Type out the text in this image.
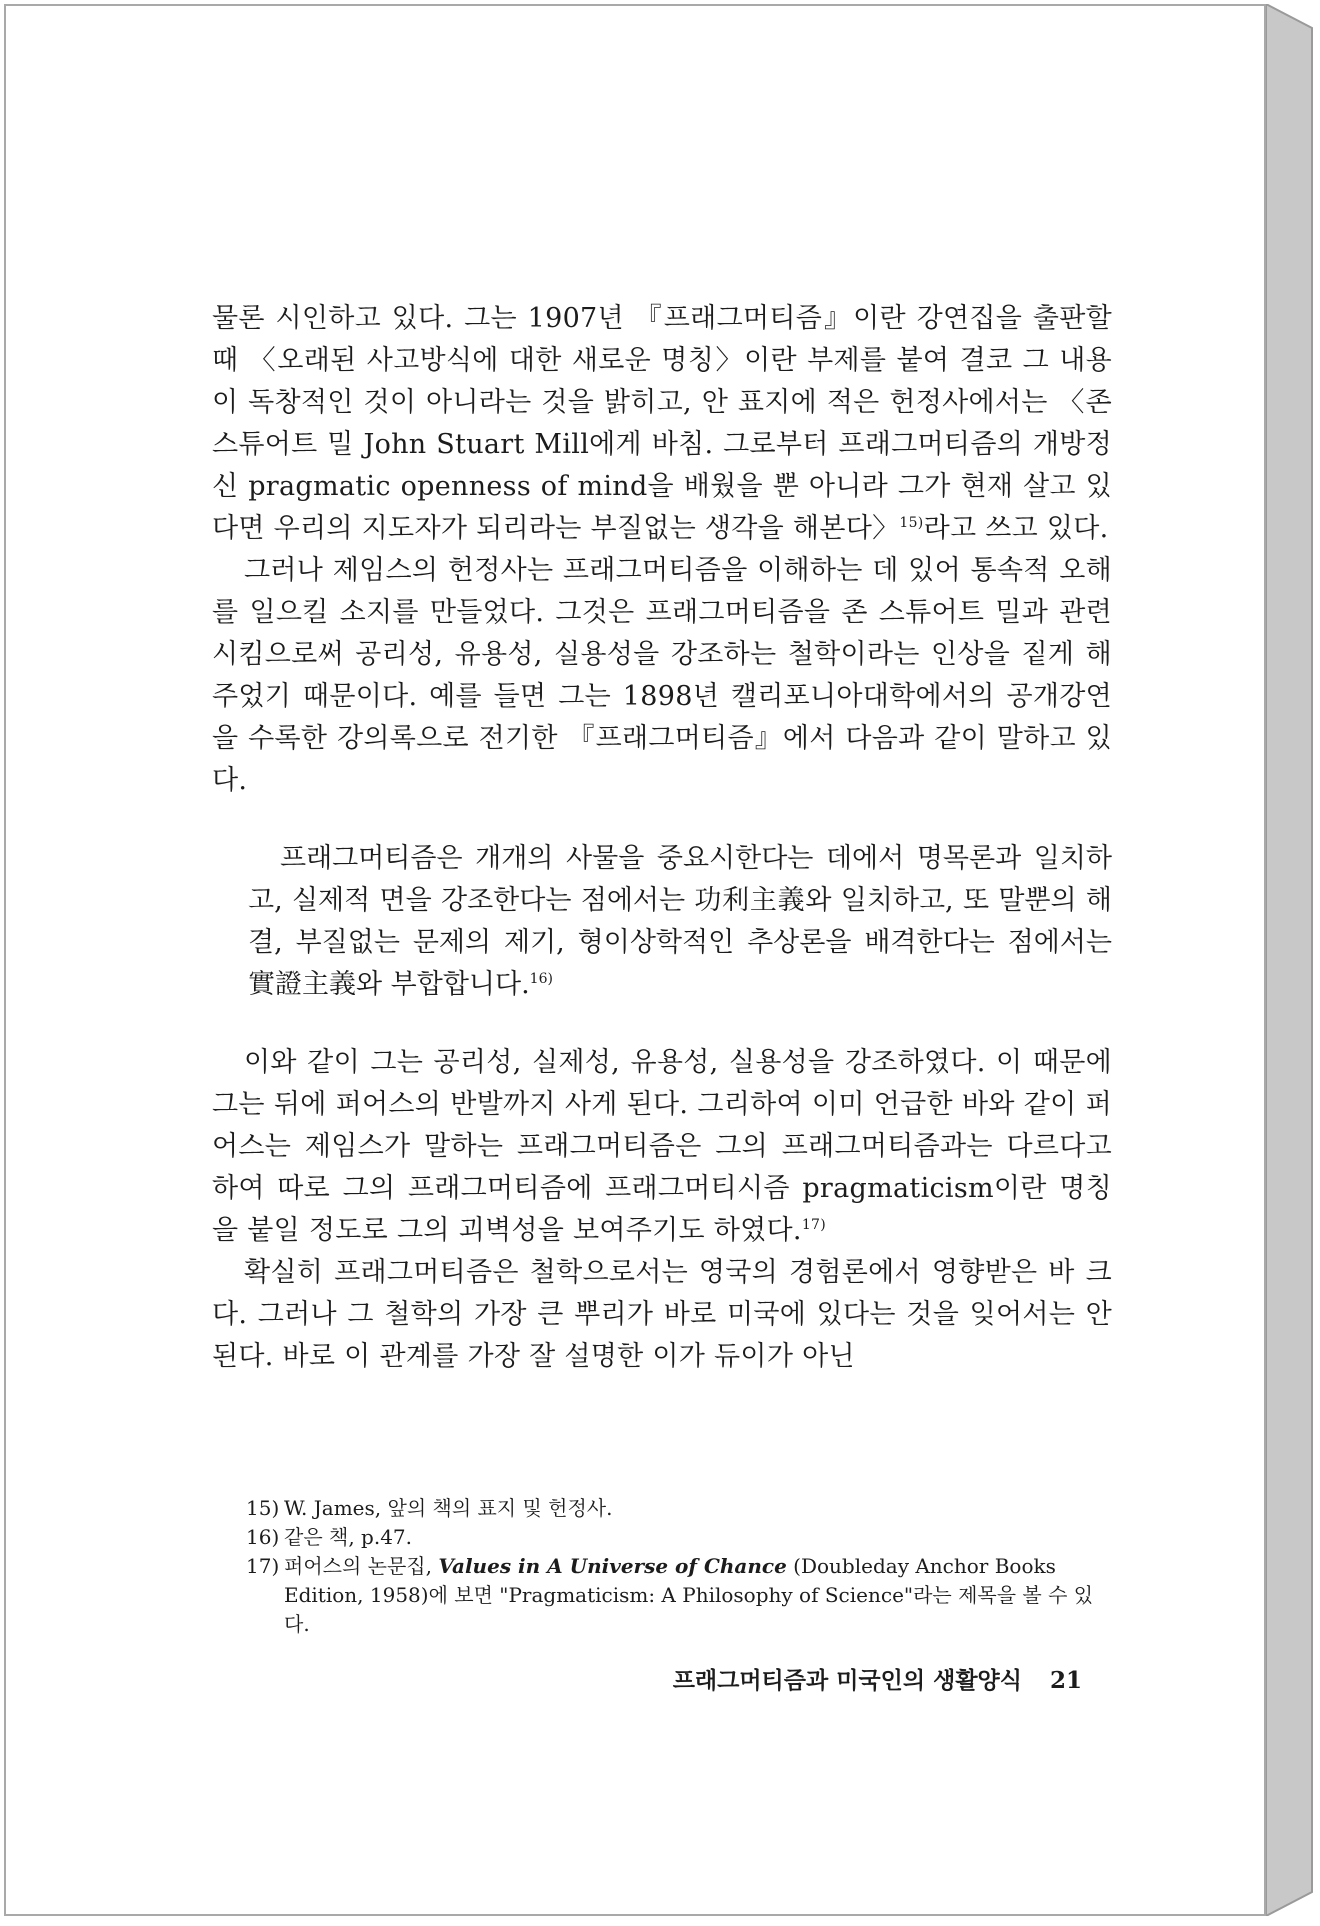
물론 시인하고 있다. 그는 1907년 『프래그머티즘』이란 강연집을 출판할 때 〈오래된 사고방식에 대한 새로운 명칭〉이란 부제를 붙여 결코 그 내용이 독창적인 것이 아니라는 것을 밝히고, 안 표지에 적은 헌정사에서는 〈존 스튜어트 밀 John Stuart Mill에게 바침. 그로부터 프래그머티즘의 개방정신 pragmatic openness of mind을 배웠을 뿐 아니라 그가 현재 살고 있다면 우리의 지도자가 되리라는 부질없는 생각을 해본다〉$^{15)}$라고 쓰고 있다.

그러나 제임스의 헌정사는 프래그머티즘을 이해하는 데 있어 통속적 오해를 일으킬 소지를 만들었다. 그것은 프래그머티즘을 존 스튜어트 밀과 관련시킴으로써 공리성, 유용성, 실용성을 강조하는 철학이라는 인상을 짙게 해주었기 때문이다. 예를 들면 그는 1898년 캘리포니아대학에서의 공개강연을 수록한 강의록으로 전기한 『프래그머티즘』에서 다음과 같이 말하고 있다.

프래그머티즘은 개개의 사물을 중요시한다는 데에서 명목론과 일치하고, 실제적 면을 강조한다는 점에서는 功利主義와 일치하고, 또 말뿐의 해결, 부질없는 문제의 제기, 형이상학적인 추상론을 배격한다는 점에서는 實證主義와 부합합니다.$^{16)}$

이와 같이 그는 공리성, 실제성, 유용성, 실용성을 강조하였다. 이 때문에 그는 뒤에 퍼어스의 반발까지 사게 된다. 그리하여 이미 언급한 바와 같이 퍼어스는 제임스가 말하는 프래그머티즘은 그의 프래그머티즘과는 다르다고 하여 따로 그의 프래그머티즘에 프래그머티시즘 pragmaticism이란 명칭을 붙일 정도로 그의 괴벽성을 보여주기도 하였다.$^{17)}$

확실히 프래그머티즘은 철학으로서는 영국의 경험론에서 영향받은 바 크다. 그러나 그 철학의 가장 큰 뿌리가 바로 미국에 있다는 것을 잊어서는 안 된다. 바로 이 관계를 가장 잘 설명한 이가 듀이가 아닌

15) W. James, 앞의 책의 표지 및 헌정사.
16) 같은 책, p.47.
17) 퍼어스의 논문집, Values in A Universe of Chance (Doubleday Anchor Books Edition, 1958)에 보면 "Pragmaticism: A Philosophy of Science"라는 제목을 볼 수 있다.
프래그머티즘과 미국인의 생활양식 21
